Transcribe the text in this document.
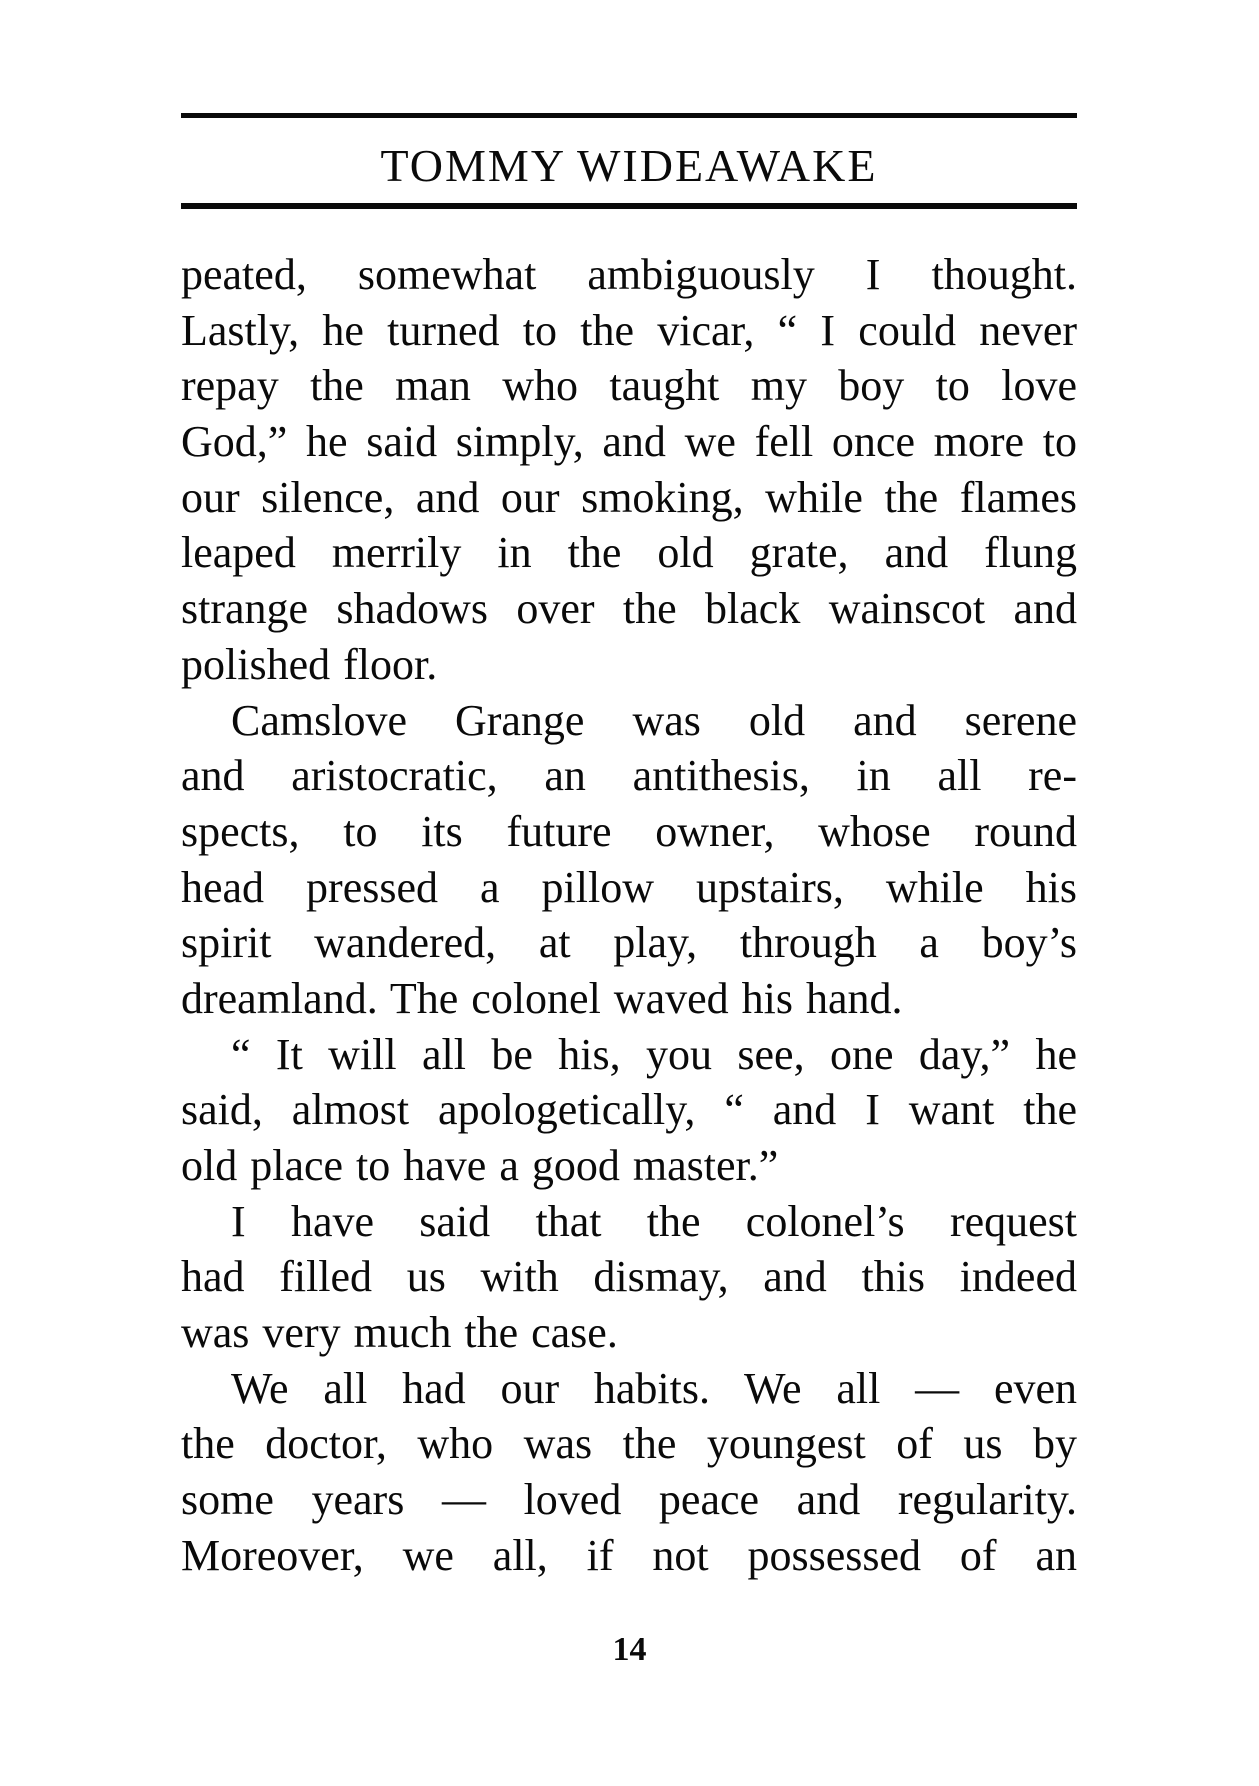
TOMMY WIDEAWAKE
peated, somewhat ambiguously I thought.
Lastly, he turned to the vicar, “ I could never
repay the man who taught my boy to love
God,” he said simply, and we fell once more to
our silence, and our smoking, while the flames
leaped merrily in the old grate, and flung
strange shadows over the black wainscot and
polished floor.
Camslove Grange was old and serene
and aristocratic, an antithesis, in all re-
spects, to its future owner, whose round
head pressed a pillow upstairs, while his
spirit wandered, at play, through a boy’s
dreamland. The colonel waved his hand.
“ It will all be his, you see, one day,” he
said, almost apologetically, “ and I want the
old place to have a good master.”
I have said that the colonel’s request
had filled us with dismay, and this indeed
was very much the case.
We all had our habits. We all — even
the doctor, who was the youngest of us by
some years — loved peace and regularity.
Moreover, we all, if not possessed of an
14
